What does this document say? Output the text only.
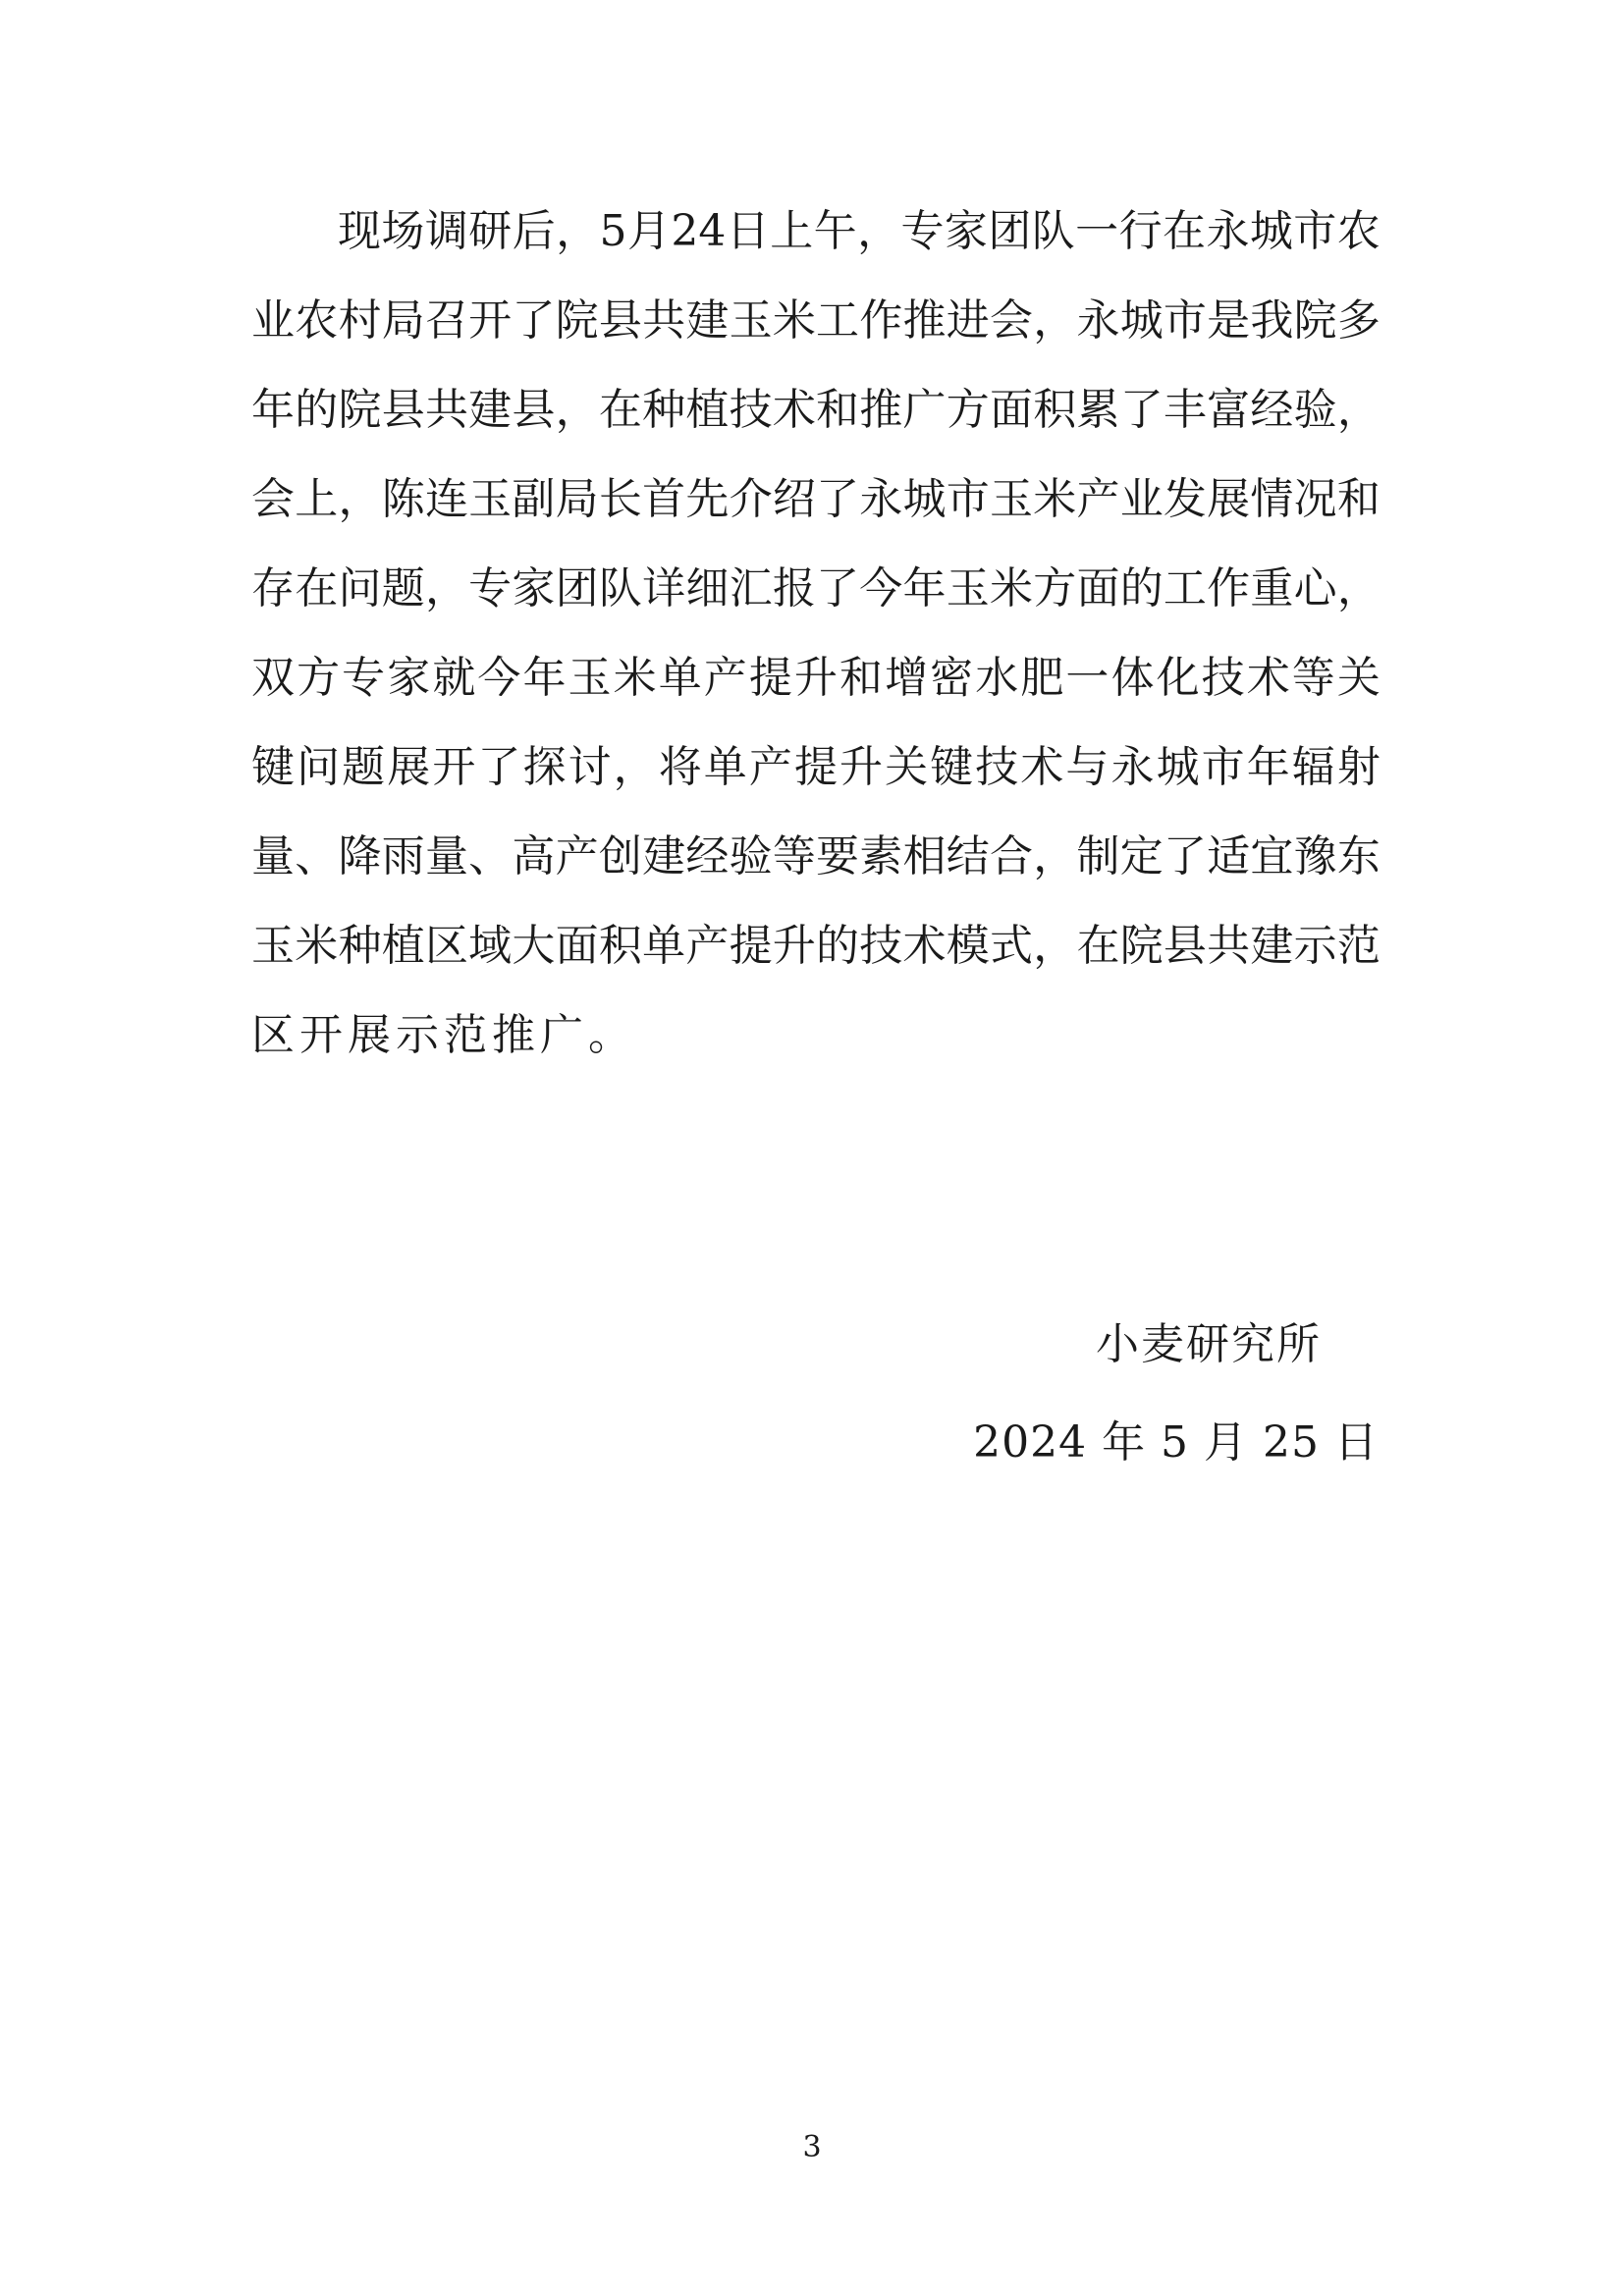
现 场 调 研 后 ， 5 月 24 日 上 午 ， 专 家 团 队 一 行 在 永 城 市 农
业 农 村 局 召 开 了 院 县 共 建 玉 米 工 作 推 进 会 ， 永 城 市 是 我 院 多
年 的 院 县 共 建 县 ， 在 种 植 技 术 和 推 广 方 面 积 累 了 丰 富 经 验 ，
会 上 ， 陈 连 玉 副 局 长 首 先 介 绍 了 永 城 市 玉 米 产 业 发 展 情 况 和
存 在 问 题 ， 专 家 团 队 详 细 汇 报 了 今 年 玉 米 方 面 的 工 作 重 心 ，
双 方 专 家 就 今 年 玉 米 单 产 提 升 和 增 密 水 肥 一 体 化 技 术 等 关
键 问 题 展 开 了 探 讨 ， 将 单 产 提 升 关 键 技 术 与 永 城 市 年 辐 射
量 、 降 雨 量 、 高 产 创 建 经 验 等 要 素 相 结 合 ， 制 定 了 适 宜 豫 东
玉 米 种 植 区 域 大 面 积 单 产 提 升 的 技 术 模 式 ， 在 院 县 共 建 示 范
区开展示范推广。
小麦研究所
2024 年 5 月 25 日
3
